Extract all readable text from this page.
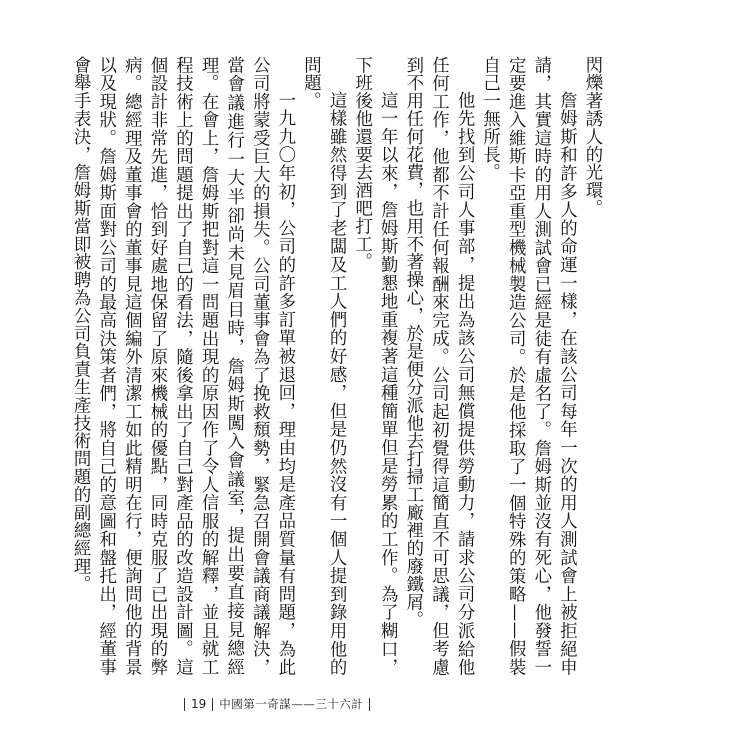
閃爍著誘人的光環。

詹姆斯和許多人的命運一樣，在該公司每年一次的用人測試會上被拒絕申請，其實這時的用人測試會已經是徒有虛名了。詹姆斯並沒有死心，他發誓一定要進入維斯卡亞重型機械製造公司。於是他採取了一個特殊的策略——假裝自己一無所長。

他先找到公司人事部，提出為該公司無償提供勞動力，請求公司分派給他任何工作，他都不計任何報酬來完成。公司起初覺得這簡直不可思議，但考慮到不用任何花費，也用不著操心，於是便分派他去打掃工廠裡的廢鐵屑。

這一年以來，詹姆斯勤懇地重複著這種簡單但是勞累的工作。為了糊口，下班後他還要去酒吧打工。

這樣雖然得到了老闆及工人們的好感，但是仍然沒有一個人提到錄用他的問題。

一九九〇年初，公司的許多訂單被退回，理由均是產品質量有問題，為此公司將蒙受巨大的損失。公司董事會為了挽救頹勢，緊急召開會議商議解決，當會議進行一大半卻尚未見眉目時，詹姆斯闖入會議室，提出要直接見總經理。在會上，詹姆斯把對這一問題出現的原因作了令人信服的解釋，並且就工程技術上的問題提出了自己的看法，隨後拿出了自己對產品的改造設計圖。這個設計非常先進，恰到好處地保留了原來機械的優點，同時克服了已出現的弊病。總經理及董事會的董事見這個編外清潔工如此精明在行，便詢問他的背景以及現狀。詹姆斯面對公司的最高決策者們，將自己的意圖和盤托出，經董事會舉手表決，詹姆斯當即被聘為公司負責生產技術問題的副總經理。

19 中國第一奇謀——三十六計
